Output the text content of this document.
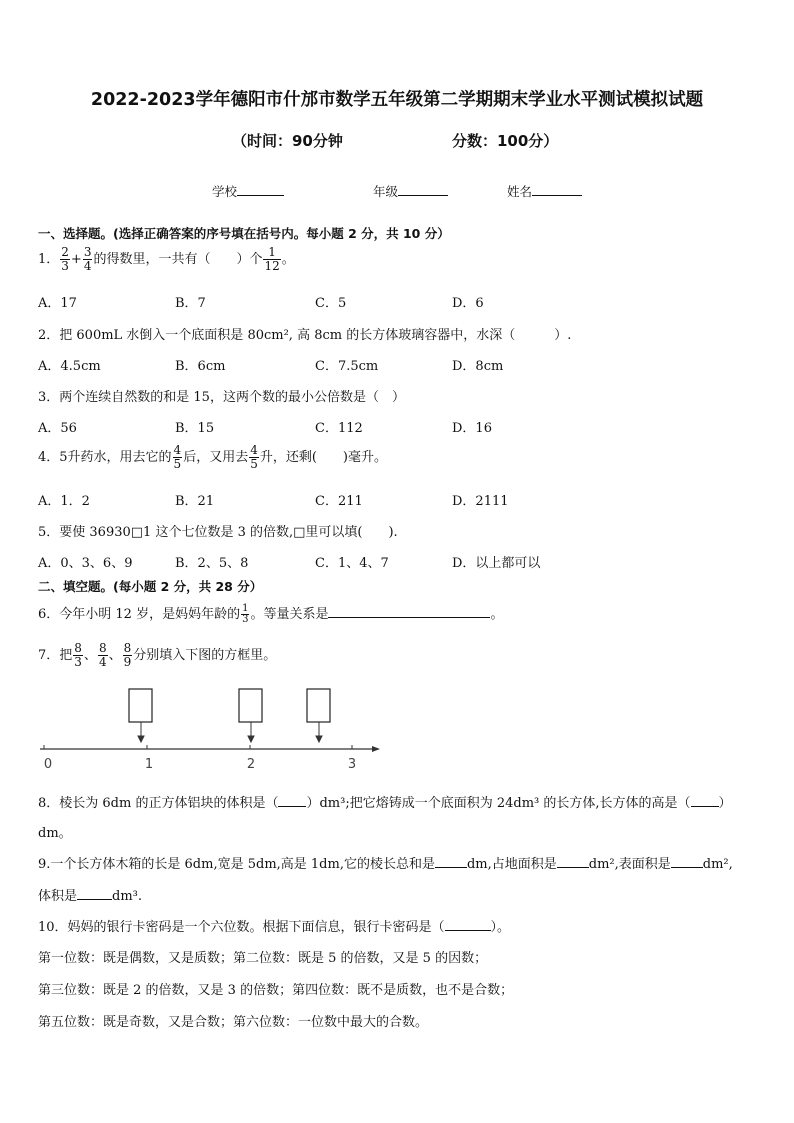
2022-2023学年德阳市什邡市数学五年级第二学期期末学业水平测试模拟试题
（时间：90分钟	分数：100分）
学校	年级	姓名
一、选择题。(选择正确答案的序号填在括号内。每小题 2 分，共 10 分）
1． $\frac{2}{3} + \frac{3}{4}$ 的得数里，一共有（　　）个 $\frac{1}{12}$ 。
A．17	B．7	C．5	D．6
2．把 600mL 水倒入一个底面积是 80cm², 高 8cm 的长方体玻璃容器中，水深（　　　）.
A．4.5cm	B．6cm	C．7.5cm	D．8cm
3．两个连续自然数的和是 15，这两个数的最小公倍数是（　）
A．56	B．15	C．112	D．16
4．5升药水，用去它的 $\frac{4}{5}$ 后，又用去 $\frac{4}{5}$ 升，还剩(　　)毫升。
A．1．2	B．21	C．211	D．2111
5．要使 36930□1 这个七位数是 3 的倍数,□里可以填(　　).
A．0、3、6、9	B．2、5、8	C．1、4、7	D．以上都可以
二、填空题。(每小题 2 分，共 28 分）
6．今年小明 12 岁，是妈妈年龄的 $\frac{1}{3}$ 。等量关系是	。
7．把 $\frac{8}{3}$ 、 $\frac{8}{4}$ 、 $\frac{8}{9}$ 分别填入下图的方框里。
0	1	2	3
8．棱长为 6dm 的正方体铝块的体积是（ ）dm³;把它熔铸成一个底面积为 24dm³ 的长方体,长方体的高是（ ）
dm。
9.一个长方体木箱的长是 6dm,宽是 5dm,高是 1dm,它的棱长总和是 dm,占地面积是 dm²,表面积是 dm²,
体积是	dm³.
10．妈妈的银行卡密码是一个六位数。根据下面信息，银行卡密码是（	）。
第一位数：既是偶数，又是质数；第二位数：既是 5 的倍数，又是 5 的因数；
第三位数：既是 2 的倍数，又是 3 的倍数；第四位数：既不是质数，也不是合数；
第五位数：既是奇数，又是合数；第六位数：一位数中最大的合数。
